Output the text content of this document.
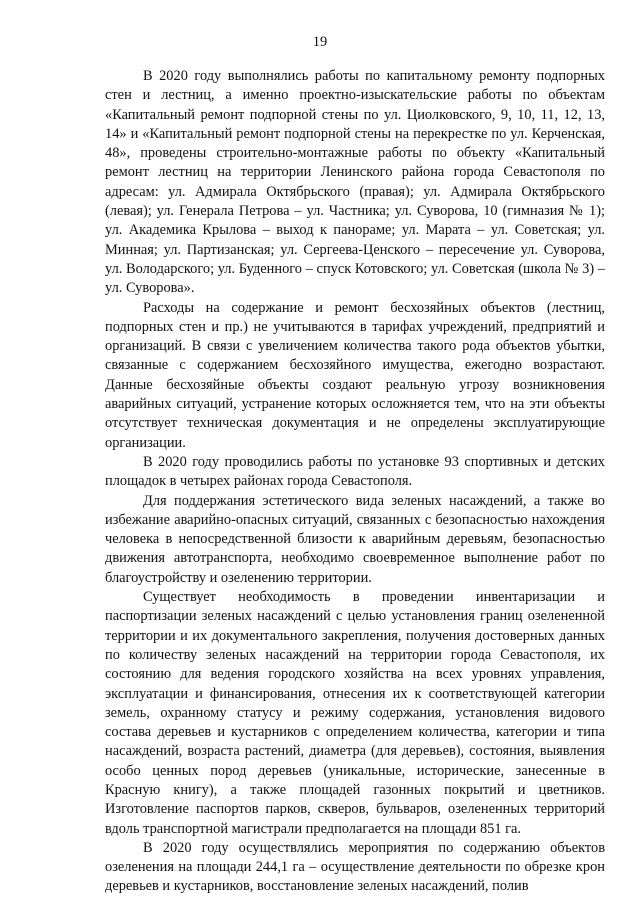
19

В 2020 году выполнялись работы по капитальному ремонту подпорных стен и лестниц, а именно проектно-изыскательские работы по объектам «Капитальный ремонт подпорной стены по ул. Циолковского, 9, 10, 11, 12, 13, 14» и «Капитальный ремонт подпорной стены на перекрестке по ул. Керченская, 48», проведены строительно-монтажные работы по объекту «Капитальный ремонт лестниц на территории Ленинского района города Севастополя по адресам: ул. Адмирала Октябрьского (правая); ул. Адмирала Октябрьского (левая); ул. Генерала Петрова – ул. Частника; ул. Суворова, 10 (гимназия № 1); ул. Академика Крылова – выход к панораме; ул. Марата – ул. Советская; ул. Минная; ул. Партизанская; ул. Сергеева-Ценского – пересечение ул. Суворова, ул. Володарского; ул. Буденного – спуск Котовского; ул. Советская (школа № 3) – ул. Суворова».

Расходы на содержание и ремонт бесхозяйных объектов (лестниц, подпорных стен и пр.) не учитываются в тарифах учреждений, предприятий и организаций. В связи с увеличением количества такого рода объектов убытки, связанные с содержанием бесхозяйного имущества, ежегодно возрастают. Данные бесхозяйные объекты создают реальную угрозу возникновения аварийных ситуаций, устранение которых осложняется тем, что на эти объекты отсутствует техническая документация и не определены эксплуатирующие организации.

В 2020 году проводились работы по установке 93 спортивных и детских площадок в четырех районах города Севастополя.

Для поддержания эстетического вида зеленых насаждений, а также во избежание аварийно-опасных ситуаций, связанных с безопасностью нахождения человека в непосредственной близости к аварийным деревьям, безопасностью движения автотранспорта, необходимо своевременное выполнение работ по благоустройству и озеленению территории.

Существует необходимость в проведении инвентаризации и паспортизации зеленых насаждений с целью установления границ озелененной территории и их документального закрепления, получения достоверных данных по количеству зеленых насаждений на территории города Севастополя, их состоянию для ведения городского хозяйства на всех уровнях управления, эксплуатации и финансирования, отнесения их к соответствующей категории земель, охранному статусу и режиму содержания, установления видового состава деревьев и кустарников с определением количества, категории и типа насаждений, возраста растений, диаметра (для деревьев), состояния, выявления особо ценных пород деревьев (уникальные, исторические, занесенные в Красную книгу), а также площадей газонных покрытий и цветников. Изготовление паспортов парков, скверов, бульваров, озелененных территорий вдоль транспортной магистрали предполагается на площади 851 га.

В 2020 году осуществлялись мероприятия по содержанию объектов озеленения на площади 244,1 га – осуществление деятельности по обрезке крон деревьев и кустарников, восстановление зеленых насаждений, полив
